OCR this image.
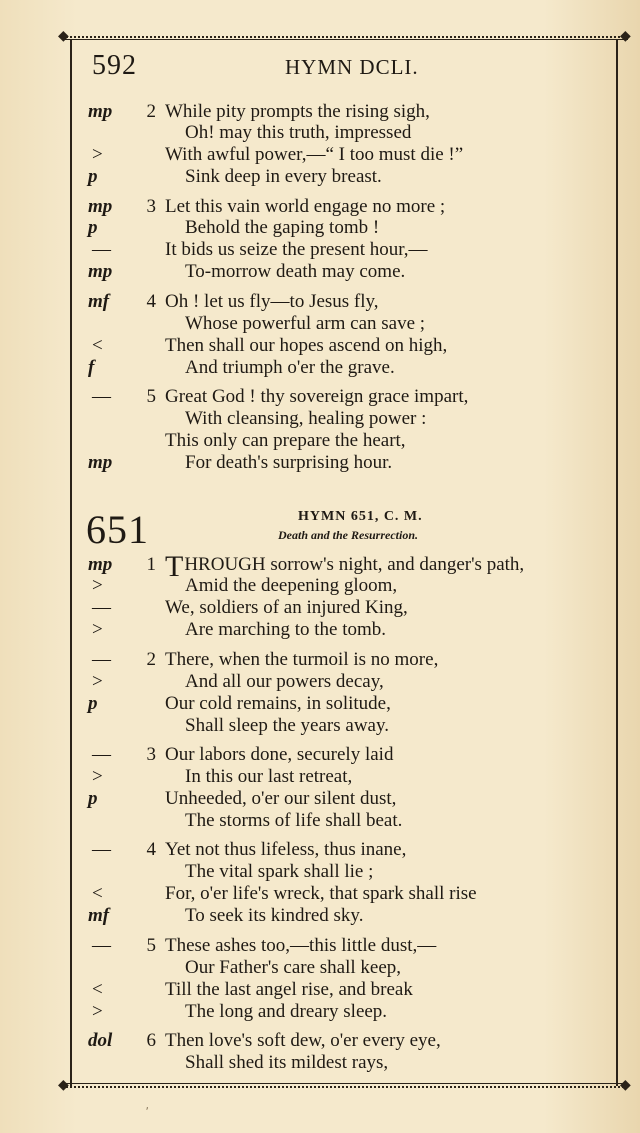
◆	◆
◆	◆
592	HYMN DCLI.
mp	2 While pity prompts the rising sigh,
Oh! may this truth, impressed
>	With awful power,—“ I too must die !”
p	Sink deep in every breast.
mp	3 Let this vain world engage no more ;
p	Behold the gaping tomb !
—	It bids us seize the present hour,—
mp	To-morrow death may come.
mf	4 Oh ! let us fly—to Jesus fly,
Whose powerful arm can save ;
<	Then shall our hopes ascend on high,
f	And triumph o'er the grave.
—	5 Great God ! thy sovereign grace impart,
With cleansing, healing power :
This only can prepare the heart,
mp	For death's surprising hour.
651	HYMN 651, C. M.
Death and the Resurrection.
mp	1 THROUGH sorrow's night, and danger's path,
>	Amid the deepening gloom,
—	We, soldiers of an injured King,
>	Are marching to the tomb.
—	2 There, when the turmoil is no more,
>	And all our powers decay,
p	Our cold remains, in solitude,
Shall sleep the years away.
—	3 Our labors done, securely laid
>	In this our last retreat,
p	Unheeded, o'er our silent dust,
The storms of life shall beat.
—	4 Yet not thus lifeless, thus inane,
The vital spark shall lie ;
<	For, o'er life's wreck, that spark shall rise
mf	To seek its kindred sky.
—	5 These ashes too,—this little dust,—
Our Father's care shall keep,
<	Till the last angel rise, and break
>	The long and dreary sleep.
dol	6 Then love's soft dew, o'er every eye,
Shall shed its mildest rays,
ʹ
